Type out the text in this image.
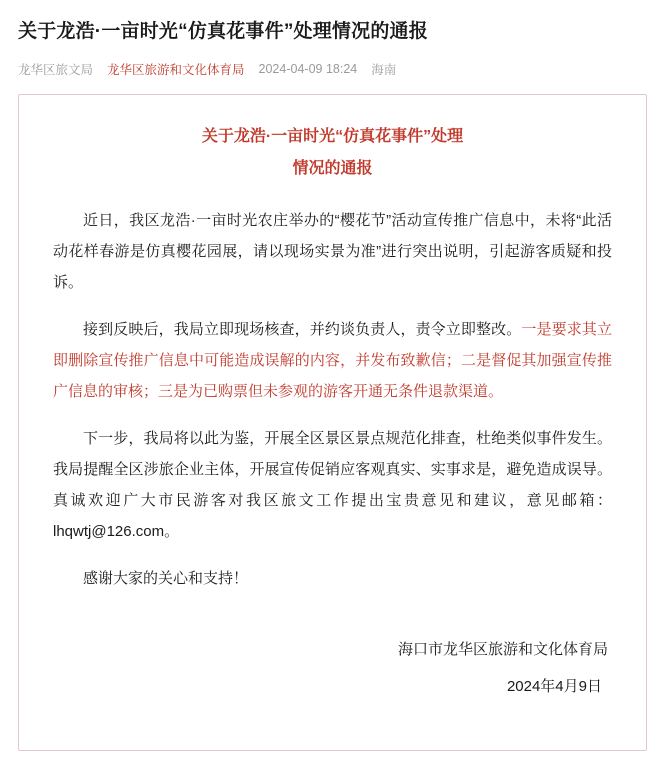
关于龙浩·一亩时光“仿真花事件”处理情况的通报
龙华区旅文局 龙华区旅游和文化体育局 2024-04-09 18:24 海南
关于龙浩·一亩时光“仿真花事件”处理
情况的通报

近日，我区龙浩·一亩时光农庄举办的“樱花节”活动宣传推广信息中，未将“此活动花样春游是仿真樱花园展，请以现场实景为准”进行突出说明，引起游客质疑和投诉。

接到反映后，我局立即现场核查，并约谈负责人，责令立即整改。一是要求其立即删除宣传推广信息中可能造成误解的内容，并发布致歉信；二是督促其加强宣传推广信息的审核；三是为已购票但未参观的游客开通无条件退款渠道。

下一步，我局将以此为鉴，开展全区景区景点规范化排查，杜绝类似事件发生。我局提醒全区涉旅企业主体，开展宣传促销应客观真实、实事求是，避免造成误导。真诚欢迎广大市民游客对我区旅文工作提出宝贵意见和建议，意见邮箱：lhqwtj@126.com。

感谢大家的关心和支持！

海口市龙华区旅游和文化体育局
2024年4月9日
